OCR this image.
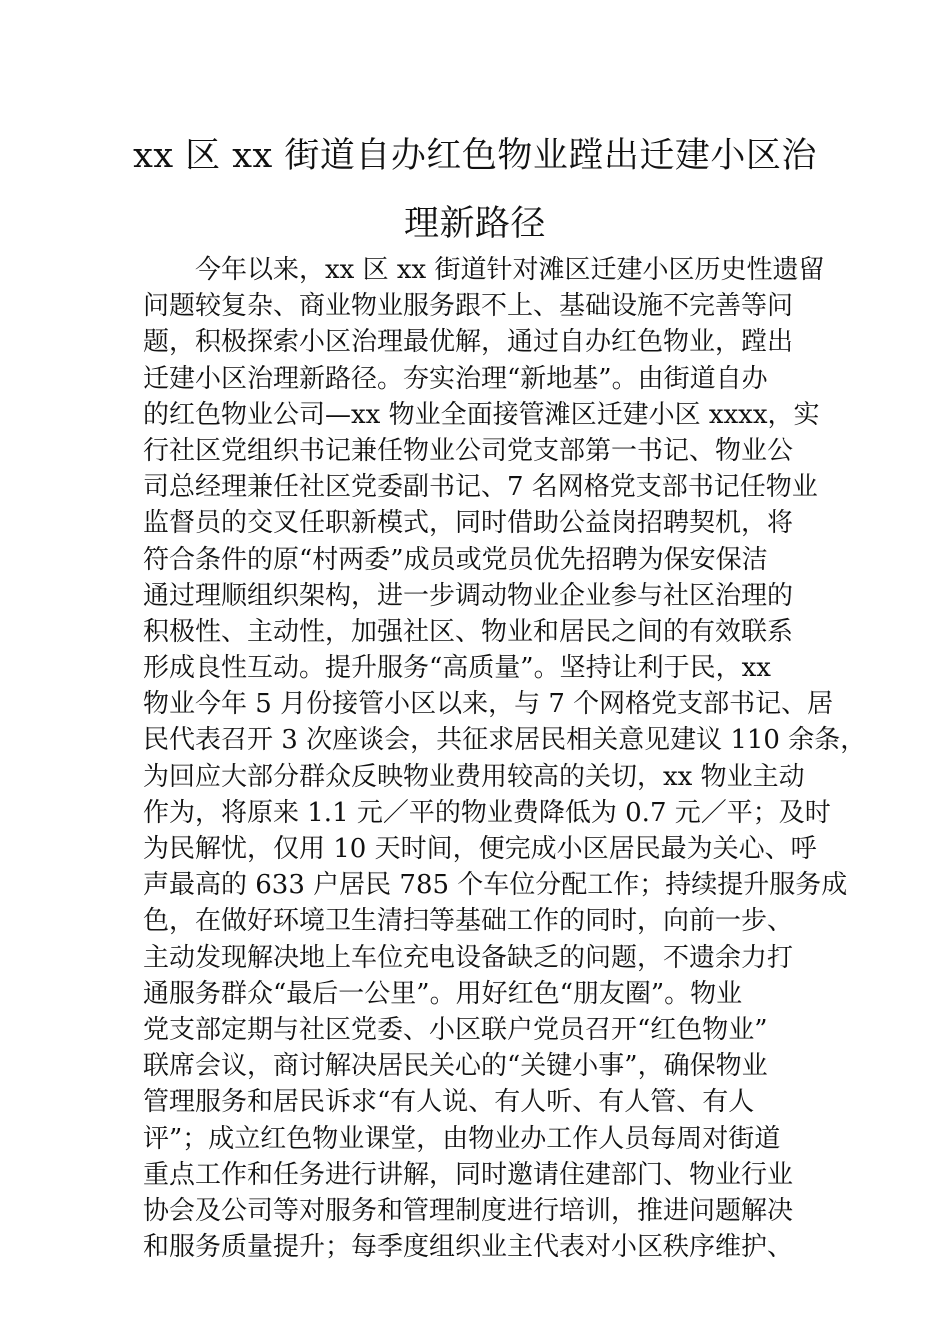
xx 区 xx 街道自办红色物业蹚出迁建小区治
理新路径
　　今年以来，xx 区 xx 街道针对滩区迁建小区历史性遗留
问题较复杂、商业物业服务跟不上、基础设施不完善等问
题，积极探索小区治理最优解，通过自办红色物业，蹚出
迁建小区治理新路径。夯实治理“新地基”。由街道自办
的红色物业公司—xx 物业全面接管滩区迁建小区 xxxx，实
行社区党组织书记兼任物业公司党支部第一书记、物业公
司总经理兼任社区党委副书记、7 名网格党支部书记任物业
监督员的交叉任职新模式，同时借助公益岗招聘契机，将
符合条件的原“村两委”成员或党员优先招聘为保安保洁
通过理顺组织架构，进一步调动物业企业参与社区治理的
积极性、主动性，加强社区、物业和居民之间的有效联系
形成良性互动。提升服务“高质量”。坚持让利于民，xx
物业今年 5 月份接管小区以来，与 7 个网格党支部书记、居
民代表召开 3 次座谈会，共征求居民相关意见建议 110 余条，
为回应大部分群众反映物业费用较高的关切，xx 物业主动
作为，将原来 1.1 元／平的物业费降低为 0.7 元／平；及时
为民解忧，仅用 10 天时间，便完成小区居民最为关心、呼
声最高的 633 户居民 785 个车位分配工作；持续提升服务成
色，在做好环境卫生清扫等基础工作的同时，向前一步、
主动发现解决地上车位充电设备缺乏的问题，不遗余力打
通服务群众“最后一公里”。用好红色“朋友圈”。物业
党支部定期与社区党委、小区联户党员召开“红色物业”
联席会议，商讨解决居民关心的“关键小事”，确保物业
管理服务和居民诉求“有人说、有人听、有人管、有人
评”；成立红色物业课堂，由物业办工作人员每周对街道
重点工作和任务进行讲解，同时邀请住建部门、物业行业
协会及公司等对服务和管理制度进行培训，推进问题解决
和服务质量提升；每季度组织业主代表对小区秩序维护、
